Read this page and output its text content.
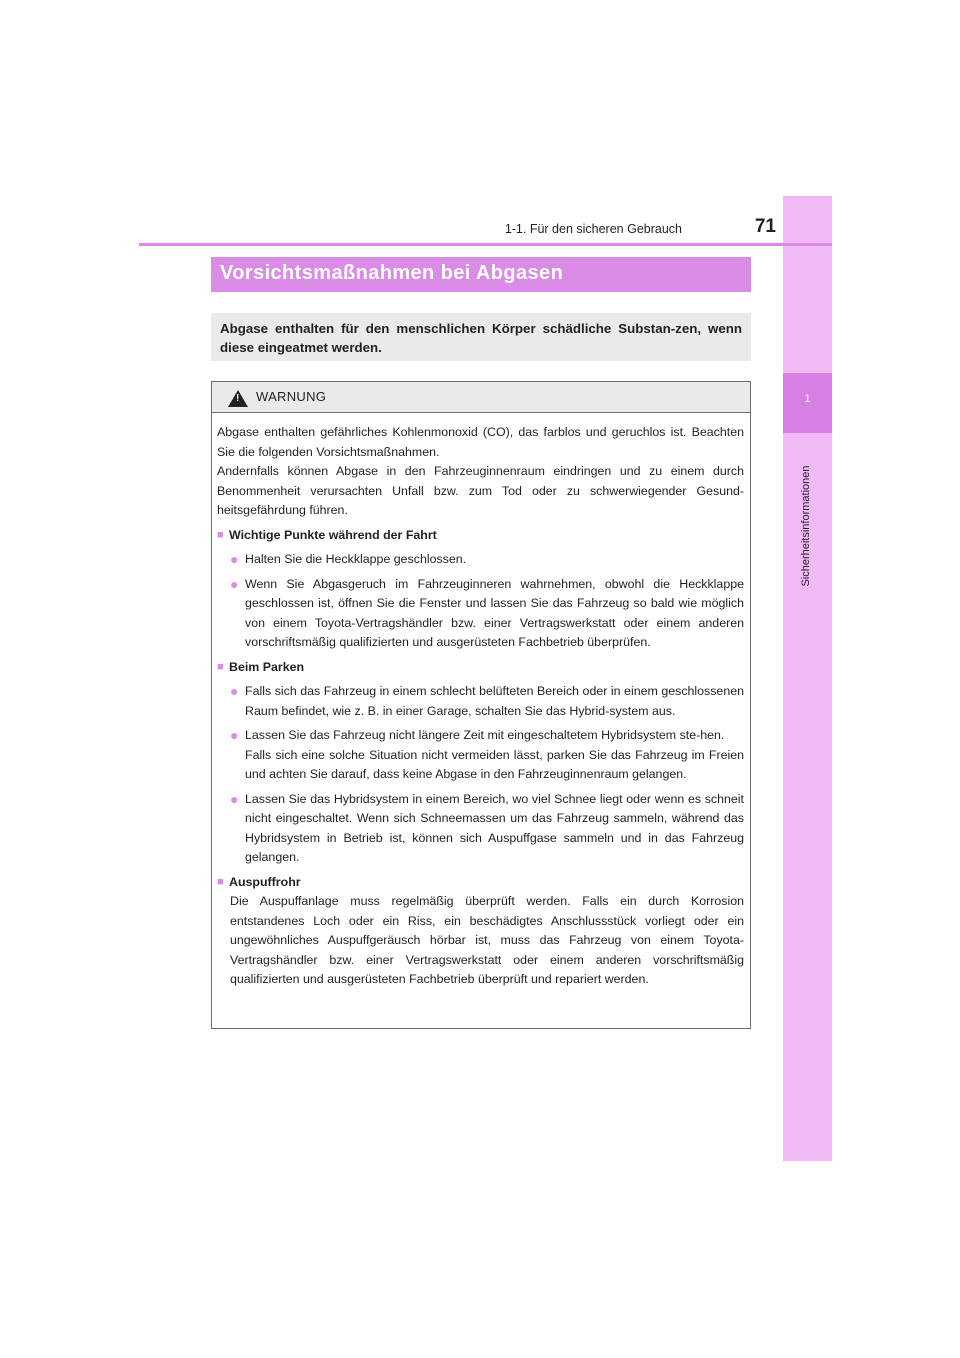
1
Sicherheitsinformationen
1-1. Für den sicheren Gebrauch	71
Vorsichtsmaßnahmen bei Abgasen
Abgase enthalten für den menschlichen Körper schädliche Substan-zen, wenn diese eingeatmet werden.
! WARNUNG

Abgase enthalten gefährliches Kohlenmonoxid (CO), das farblos und geruchlos ist. Beachten Sie die folgenden Vorsichtsmaßnahmen.

Andernfalls können Abgase in den Fahrzeuginnenraum eindringen und zu einem durch Benommenheit verursachten Unfall bzw. zum Tod oder zu schwerwiegender Gesund-heitsgefährdung führen.

■ Wichtige Punkte während der Fahrt
● Halten Sie die Heckklappe geschlossen.
● Wenn Sie Abgasgeruch im Fahrzeuginneren wahrnehmen, obwohl die Heckklappe geschlossen ist, öffnen Sie die Fenster und lassen Sie das Fahrzeug so bald wie möglich von einem Toyota-Vertragshändler bzw. einer Vertragswerkstatt oder einem anderen vorschriftsmäßig qualifizierten und ausgerüsteten Fachbetrieb überprüfen.
■ Beim Parken
● Falls sich das Fahrzeug in einem schlecht belüfteten Bereich oder in einem geschlossenen Raum befindet, wie z. B. in einer Garage, schalten Sie das Hybrid-system aus.
● Lassen Sie das Fahrzeug nicht längere Zeit mit eingeschaltetem Hybridsystem ste-hen.
Falls sich eine solche Situation nicht vermeiden lässt, parken Sie das Fahrzeug im Freien und achten Sie darauf, dass keine Abgase in den Fahrzeuginnenraum gelangen.
● Lassen Sie das Hybridsystem in einem Bereich, wo viel Schnee liegt oder wenn es schneit nicht eingeschaltet. Wenn sich Schneemassen um das Fahrzeug sammeln, während das Hybridsystem in Betrieb ist, können sich Auspuffgase sammeln und in das Fahrzeug gelangen.
■ Auspuffrohr

Die Auspuffanlage muss regelmäßig überprüft werden. Falls ein durch Korrosion entstandenes Loch oder ein Riss, ein beschädigtes Anschlussstück vorliegt oder ein ungewöhnliches Auspuffgeräusch hörbar ist, muss das Fahrzeug von einem Toyota-Vertragshändler bzw. einer Vertragswerkstatt oder einem anderen vorschriftsmäßig qualifizierten und ausgerüsteten Fachbetrieb überprüft und repariert werden.
